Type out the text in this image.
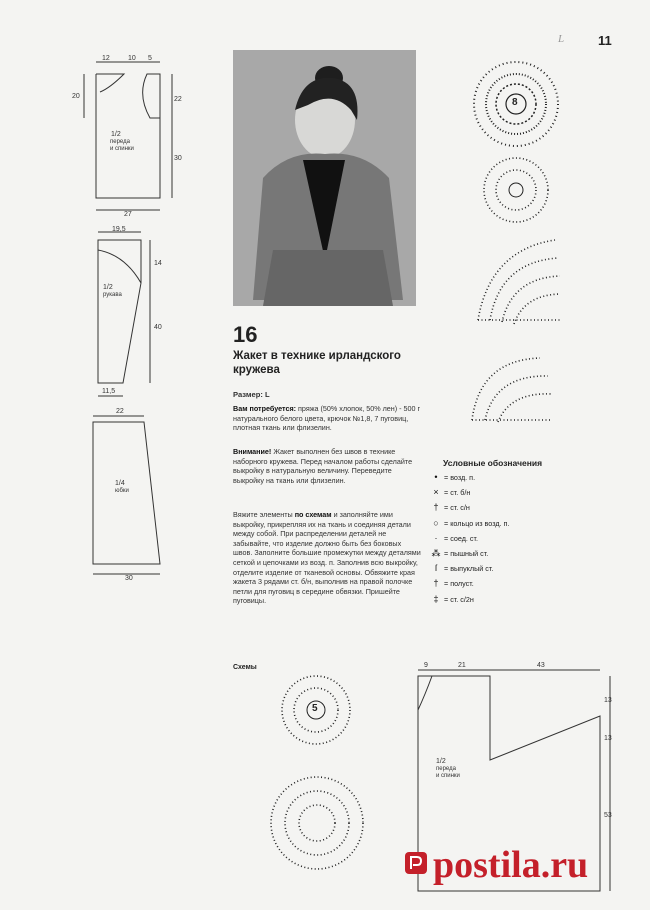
L	11
8
5
12	10 5
20	22
30
27
1/2
переда
и спинки
19,5
14
40
11,5
1/2
рукава
22
30
1/4
юбки
9	21	43
13
13
53
1/2
переда
и спинки
16
Жакет в технике ирландского кружева
Размер: L
Вам потребуется: пряжа (50% хлопок, 50% лен) - 500 г натурального белого цвета, крючок №1,8, 7 пуговиц, плотная ткань или флизелин.
Внимание! Жакет выполнен без швов в технике наборного кружева. Перед началом работы сделайте выкройку в натуральную величину. Переведите выкройку на ткань или флизелин.
Вяжите элементы по схемам и заполняйте ими выкройку, прикрепляя их на ткань и соединяя детали между собой. При распределении деталей не забывайте, что изделие должно быть без боковых швов. Заполните большие промежутки между деталями сеткой и цепочками из возд. п. Заполнив всю выкройку, отделите изделие от тканевой основы. Обвяжите края жакета 3 рядами ст. б/н, выполнив на правой полочке петли для пуговиц в середине обвязки. Пришейте пуговицы.
Схемы
Условные обозначения
• = возд. п.
× = ст. б/н
† = ст. с/н
○ = кольцо из возд. п.
· = соед. ст.
⁂ = пышный ст.
ſ = выпуклый ст.
† = полуст.
‡ = ст. с/2н
postila.ru
